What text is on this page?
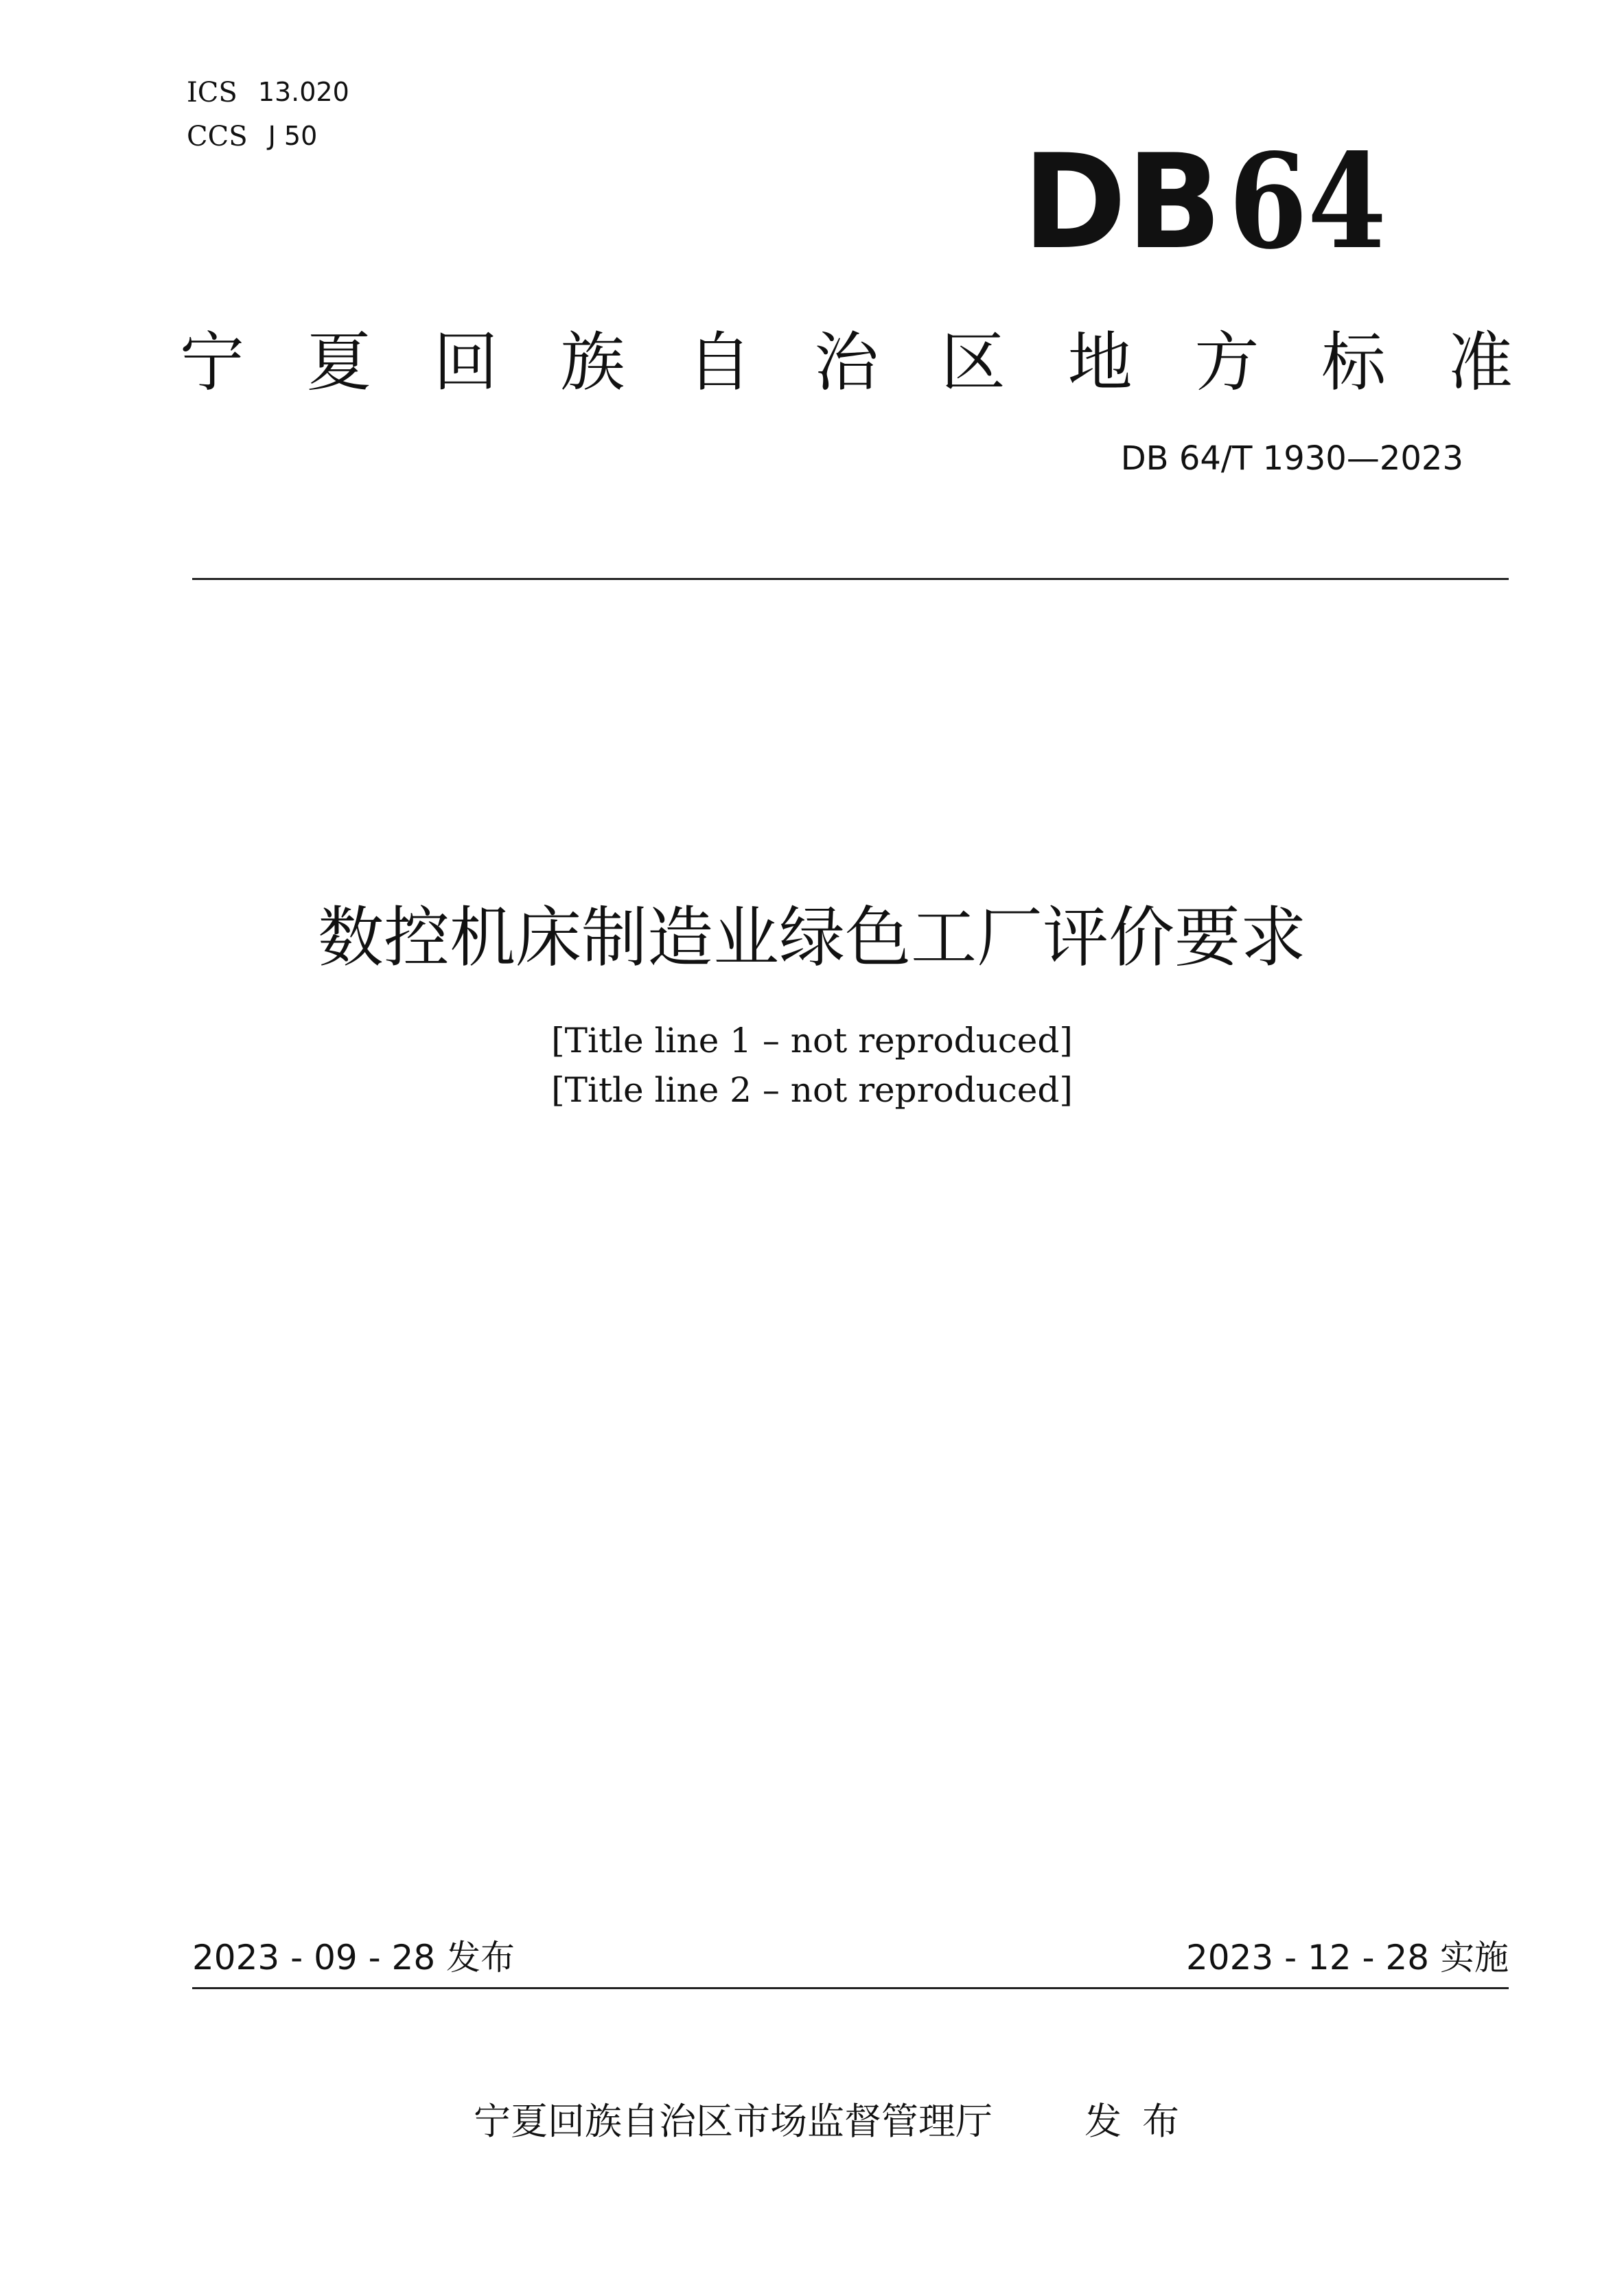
ICS 13.020
CCS J 50	DB 64
宁 夏 回 族 自 治 区 地 方 标 准
DB 64/T 1930—2023
数控机床制造业绿色工厂评价要求
[Title line 1 – not reproduced]
[Title line 2 – not reproduced]
2023 - 09 - 28 发布	2023 - 12 - 28 实施
宁夏回族自治区市场监督管理厅 发布
